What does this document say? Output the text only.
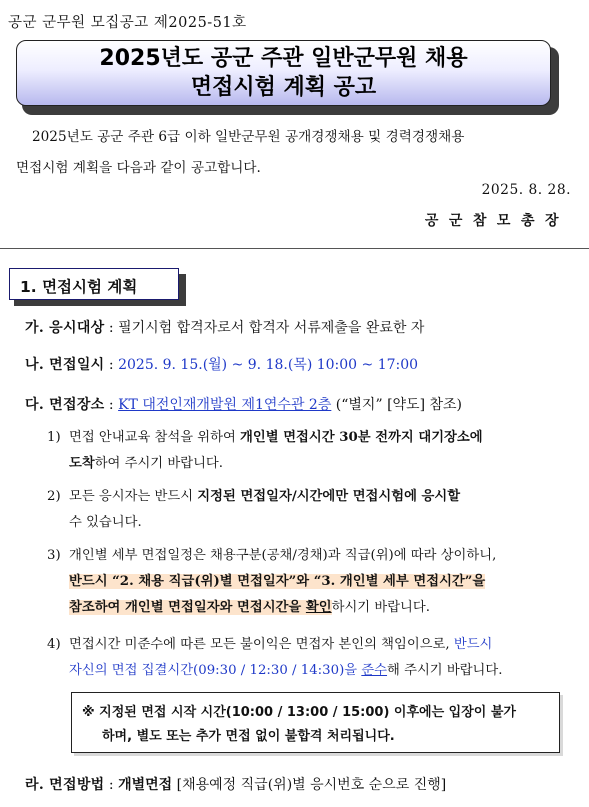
공군 군무원 모집공고 제2025-51호
2025년도 공군 주관 일반군무원 채용
면접시험 계획 공고
2025년도 공군 주관 6급 이하 일반군무원 공개경쟁채용 및 경력경쟁채용
면접시험 계획을 다음과 같이 공고합니다.
2025. 8. 28.
공군참모총장
1. 면접시험 계획
가. 응시대상 : 필기시험 합격자로서 합격자 서류제출을 완료한 자
나. 면접일시 : 2025. 9. 15.(월) ~ 9. 18.(목) 10:00 ~ 17:00
다. 면접장소 : KT 대전인재개발원 제1연수관 2층 (“별지” [약도] 참조)
1) 면접 안내교육 참석을 위하여 개인별 면접시간 30분 전까지 대기장소에
도착하여 주시기 바랍니다.
2) 모든 응시자는 반드시 지정된 면접일자/시간에만 면접시험에 응시할
수 있습니다.
3) 개인별 세부 면접일정은 채용구분(공채/경채)과 직급(위)에 따라 상이하니,
반드시 “2. 채용 직급(위)별 면접일자”와 “3. 개인별 세부 면접시간”을
참조하여 개인별 면접일자와 면접시간을 확인하시기 바랍니다.
4) 면접시간 미준수에 따른 모든 불이익은 면접자 본인의 책임이으로, 반드시
자신의 면접 집결시간(09:30 / 12:30 / 14:30)을 준수해 주시기 바랍니다.
※ 지정된 면접 시작 시간(10:00 / 13:00 / 15:00) 이후에는 입장이 불가
하며, 별도 또는 추가 면접 없이 불합격 처리됩니다.
라. 면접방법 : 개별면접 [채용예정 직급(위)별 응시번호 순으로 진행]
